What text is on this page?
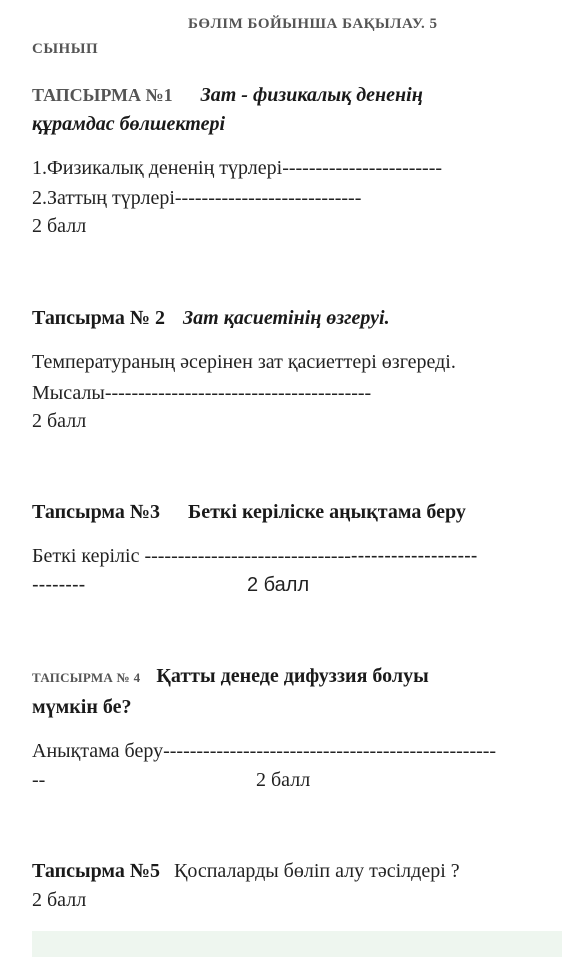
БӨЛІМ БОЙЫНША БАҚЫЛАУ. 5
СЫНЫП
ТАПСЫРМА №1 Зат - физикалық дененің
құрамдас бөлшектері
1.Физикалық дененің түрлері------------------------
2.Заттың түрлері----------------------------
2 балл
Тапсырма № 2 Зат қасиетінің өзгеруі.
Температураның әсерінен зат қасиеттері өзгереді.
Мысалы----------------------------------------
2 балл
Тапсырма №3 Беткі керіліске аңықтама беру
Беткі керіліс --------------------------------------------------
--------	2 балл
ТАПСЫРМА № 4 Қатты денеде дифуззия болуы
мүмкін бе?
Анықтама беру--------------------------------------------------
--	2 балл
Тапсырма №5 Қоспаларды бөліп алу тәсілдері ?
2 балл
